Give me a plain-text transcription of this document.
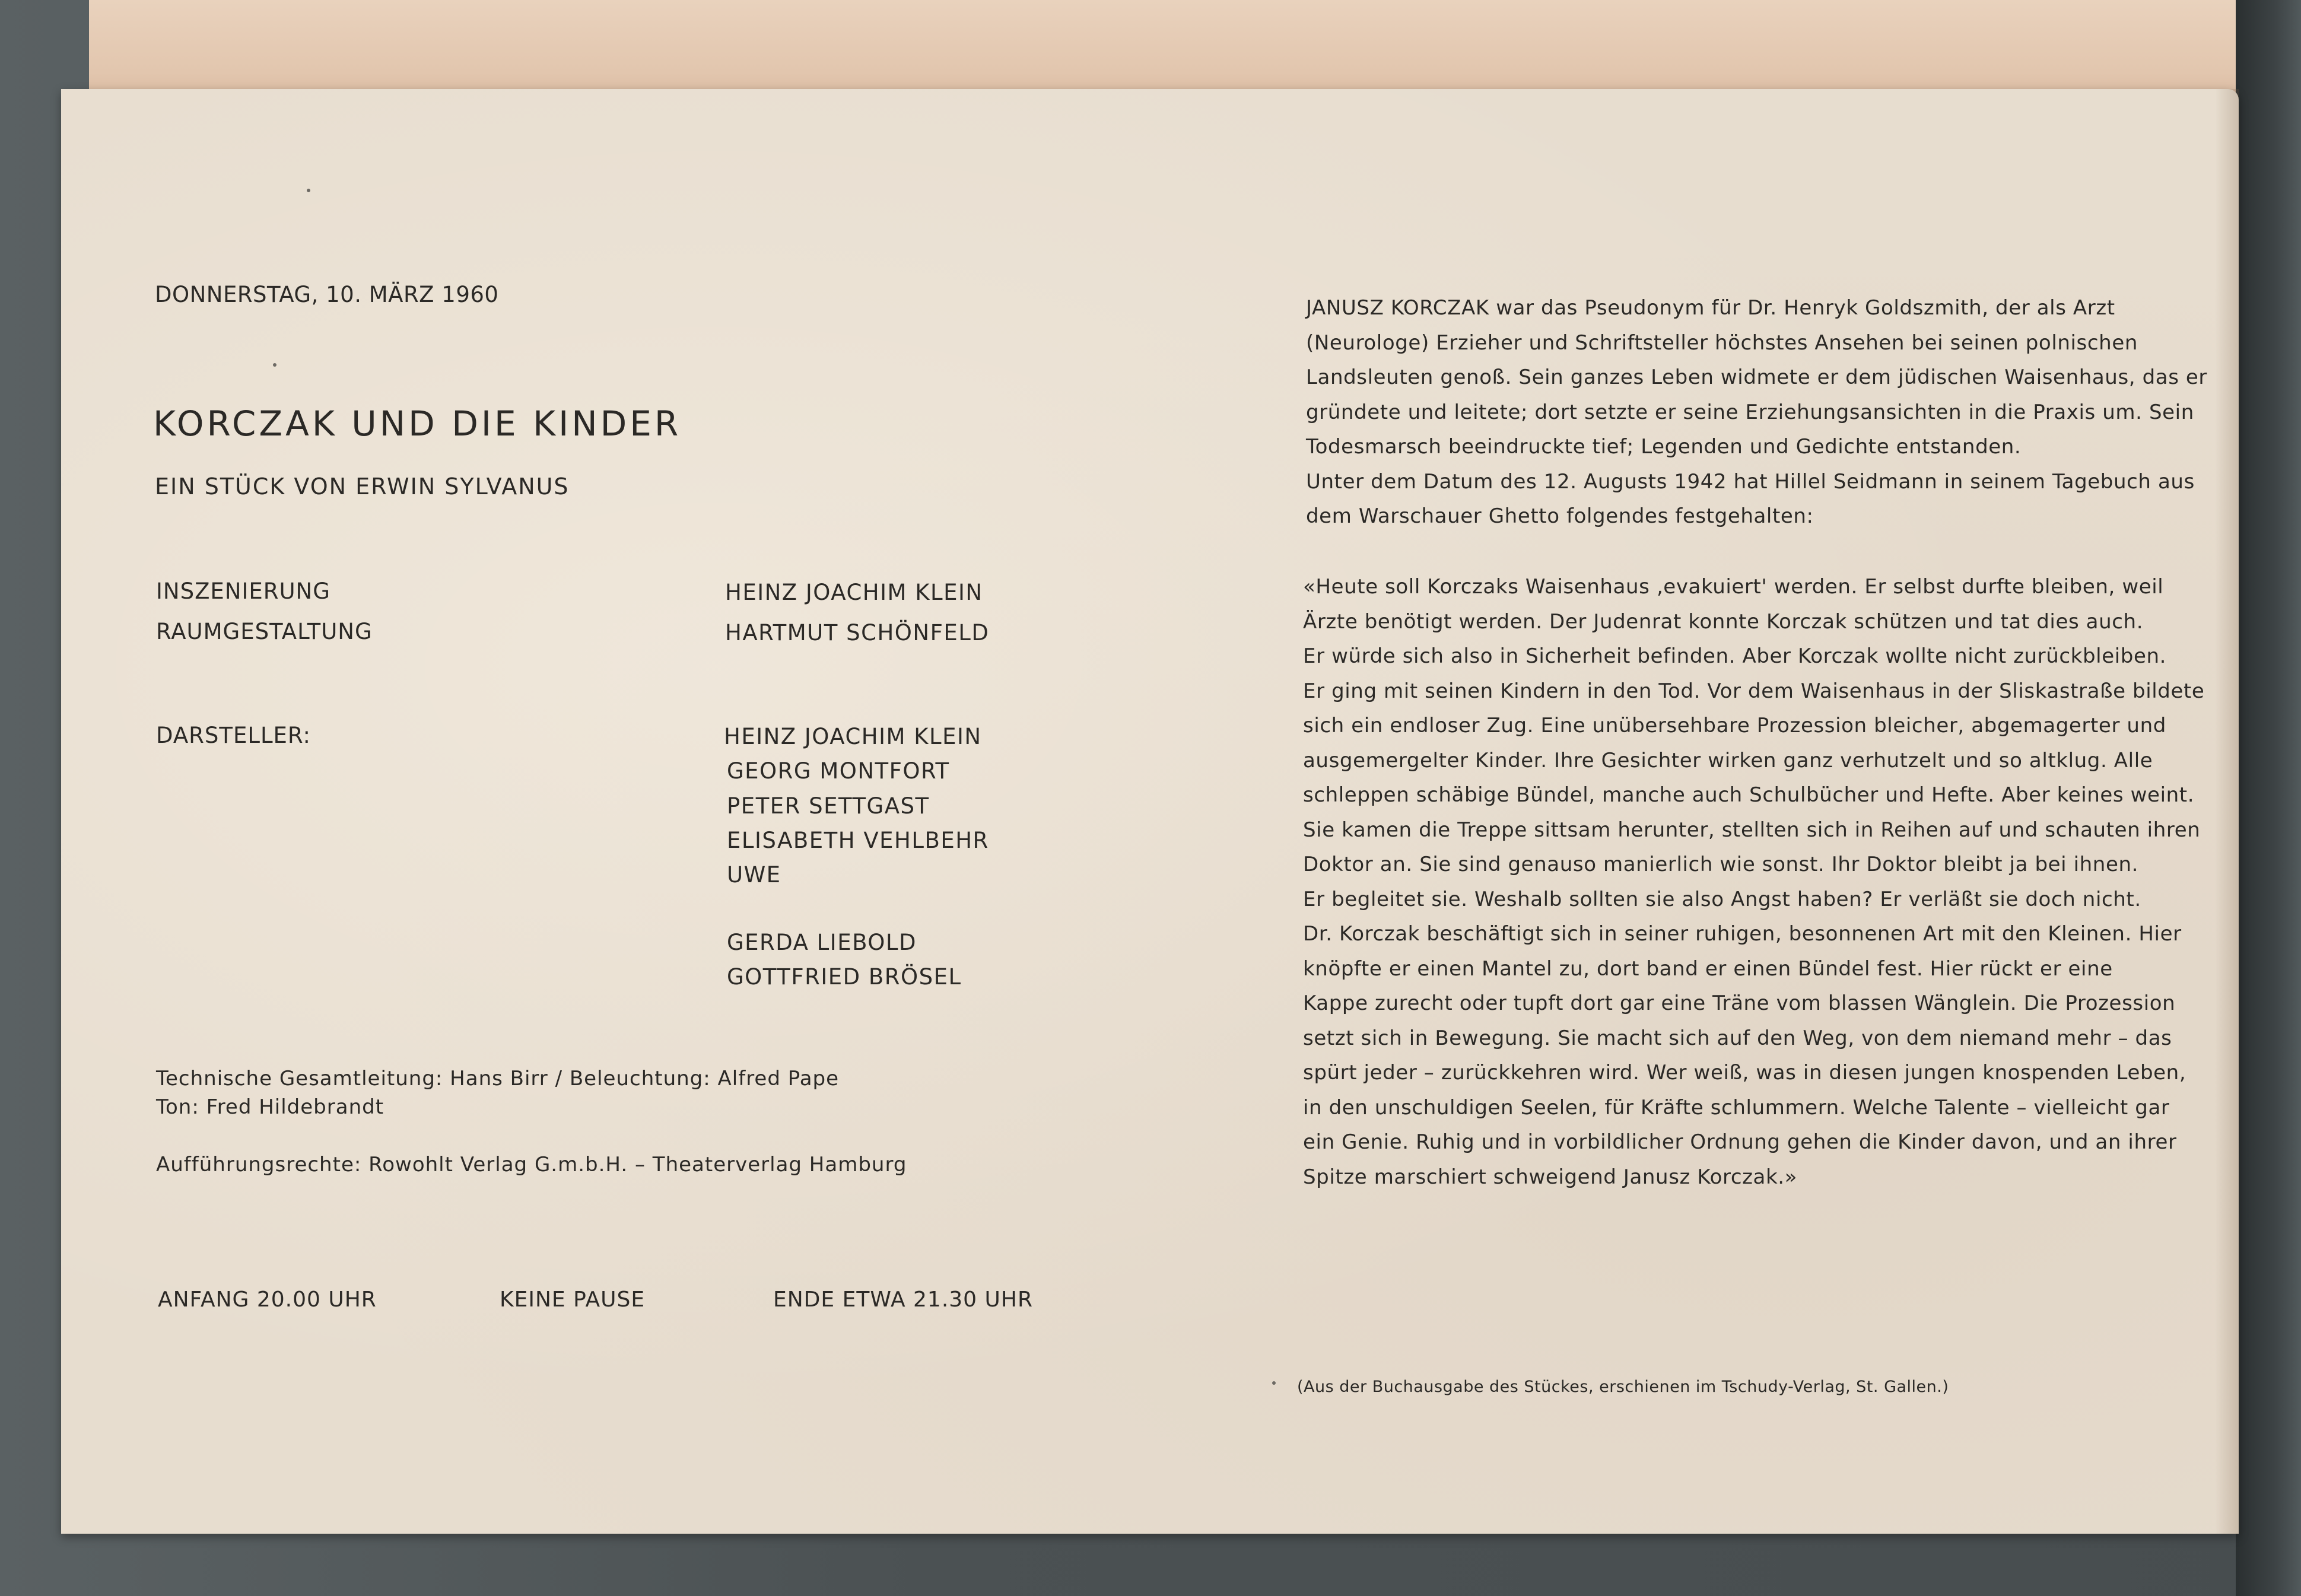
DONNERSTAG, 10. MÄRZ 1960
KORCZAK UND DIE KINDER
EIN STÜCK VON ERWIN SYLVANUS
INSZENIERUNG	HEINZ JOACHIM KLEIN
RAUMGESTALTUNG	HARTMUT SCHÖNFELD
DARSTELLER:	HEINZ JOACHIM KLEIN
GEORG MONTFORT
PETER SETTGAST
ELISABETH VEHLBEHR
UWE
GERDA LIEBOLD
GOTTFRIED BRÖSEL
Technische Gesamtleitung: Hans Birr / Beleuchtung: Alfred Pape
Ton: Fred Hildebrandt
Aufführungsrechte: Rowohlt Verlag G.m.b.H. – Theaterverlag Hamburg
ANFANG 20.00 UHR	KEINE PAUSE	ENDE ETWA 21.30 UHR
JANUSZ KORCZAK war das Pseudonym für Dr. Henryk Goldszmith, der als Arzt
(Neurologe) Erzieher und Schriftsteller höchstes Ansehen bei seinen polnischen
Landsleuten genoß. Sein ganzes Leben widmete er dem jüdischen Waisenhaus, das er
gründete und leitete; dort setzte er seine Erziehungsansichten in die Praxis um. Sein
Todesmarsch beeindruckte tief; Legenden und Gedichte entstanden.
Unter dem Datum des 12. Augusts 1942 hat Hillel Seidmann in seinem Tagebuch aus
dem Warschauer Ghetto folgendes festgehalten:
«Heute soll Korczaks Waisenhaus ‚evakuiert' werden. Er selbst durfte bleiben, weil
Ärzte benötigt werden. Der Judenrat konnte Korczak schützen und tat dies auch.
Er würde sich also in Sicherheit befinden. Aber Korczak wollte nicht zurückbleiben.
Er ging mit seinen Kindern in den Tod. Vor dem Waisenhaus in der Sliskastraße bildete
sich ein endloser Zug. Eine unübersehbare Prozession bleicher, abgemagerter und
ausgemergelter Kinder. Ihre Gesichter wirken ganz verhutzelt und so altklug. Alle
schleppen schäbige Bündel, manche auch Schulbücher und Hefte. Aber keines weint.
Sie kamen die Treppe sittsam herunter, stellten sich in Reihen auf und schauten ihren
Doktor an. Sie sind genauso manierlich wie sonst. Ihr Doktor bleibt ja bei ihnen.
Er begleitet sie. Weshalb sollten sie also Angst haben? Er verläßt sie doch nicht.
Dr. Korczak beschäftigt sich in seiner ruhigen, besonnenen Art mit den Kleinen. Hier
knöpfte er einen Mantel zu, dort band er einen Bündel fest. Hier rückt er eine
Kappe zurecht oder tupft dort gar eine Träne vom blassen Wänglein. Die Prozession
setzt sich in Bewegung. Sie macht sich auf den Weg, von dem niemand mehr – das
spürt jeder – zurückkehren wird. Wer weiß, was in diesen jungen knospenden Leben,
in den unschuldigen Seelen, für Kräfte schlummern. Welche Talente – vielleicht gar
ein Genie. Ruhig und in vorbildlicher Ordnung gehen die Kinder davon, und an ihrer
Spitze marschiert schweigend Janusz Korczak.»
(Aus der Buchausgabe des Stückes, erschienen im Tschudy-Verlag, St. Gallen.)
